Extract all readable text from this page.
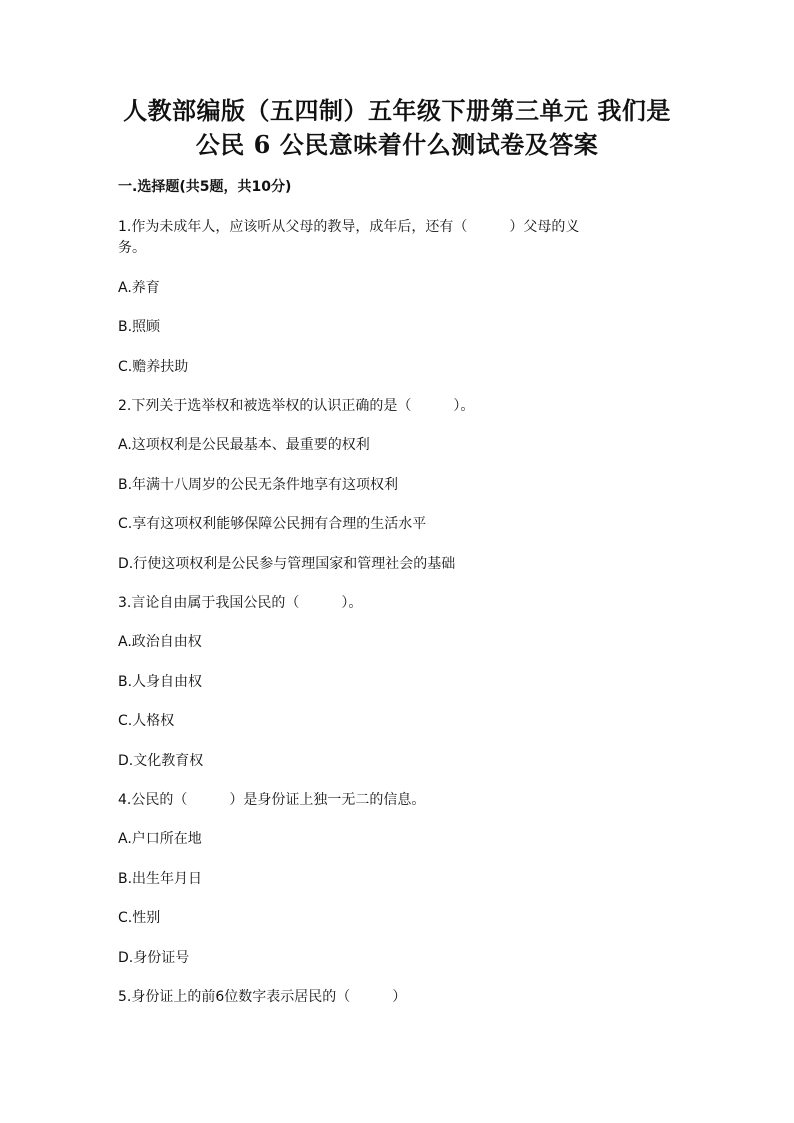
人教部编版（五四制）五年级下册第三单元 我们是
公民 6 公民意味着什么测试卷及答案
一.选择题(共5题，共10分)
1.作为未成年人，应该听从父母的教导，成年后，还有（　　　）父母的义
务。
A.养育
B.照顾
C.赡养扶助
2.下列关于选举权和被选举权的认识正确的是（　　　）。
A.这项权利是公民最基本、最重要的权利
B.年满十八周岁的公民无条件地享有这项权利
C.享有这项权利能够保障公民拥有合理的生活水平
D.行使这项权利是公民参与管理国家和管理社会的基础
3.言论自由属于我国公民的（　　　）。
A.政治自由权
B.人身自由权
C.人格权
D.文化教育权
4.公民的（　　　）是身份证上独一无二的信息。
A.户口所在地
B.出生年月日
C.性别
D.身份证号
5.身份证上的前6位数字表示居民的（　　　）
